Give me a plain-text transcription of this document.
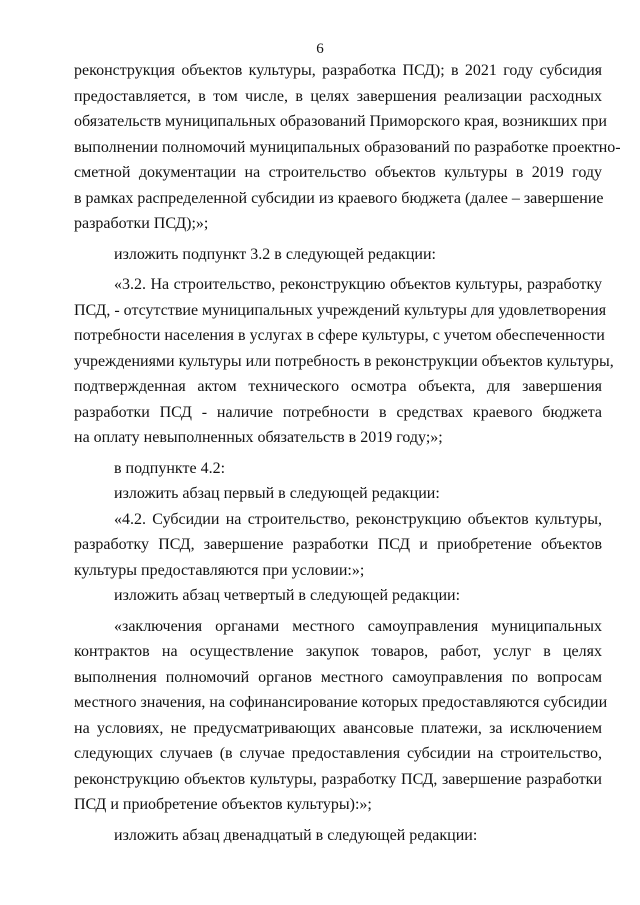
6
реконструкция объектов культуры, разработка ПСД); в 2021 году субсидия
предоставляется, в том числе, в целях завершения реализации расходных
обязательств муниципальных образований Приморского края, возникших при
выполнении полномочий муниципальных образований по разработке проектно-
сметной документации на строительство объектов культуры в 2019 году
в рамках распределенной субсидии из краевого бюджета (далее – завершение
разработки ПСД);»;
изложить подпункт 3.2 в следующей редакции:
«3.2. На строительство, реконструкцию объектов культуры, разработку
ПСД, - отсутствие муниципальных учреждений культуры для удовлетворения
потребности населения в услугах в сфере культуры, с учетом обеспеченности
учреждениями культуры или потребность в реконструкции объектов культуры,
подтвержденная актом технического осмотра объекта, для завершения
разработки ПСД - наличие потребности в средствах краевого бюджета
на оплату невыполненных обязательств в 2019 году;»;
в подпункте 4.2:
изложить абзац первый в следующей редакции:
«4.2. Субсидии на строительство, реконструкцию объектов культуры,
разработку ПСД, завершение разработки ПСД и приобретение объектов
культуры предоставляются при условии:»;
изложить абзац четвертый в следующей редакции:
«заключения органами местного самоуправления муниципальных
контрактов на осуществление закупок товаров, работ, услуг в целях
выполнения полномочий органов местного самоуправления по вопросам
местного значения, на софинансирование которых предоставляются субсидии
на условиях, не предусматривающих авансовые платежи, за исключением
следующих случаев (в случае предоставления субсидии на строительство,
реконструкцию объектов культуры, разработку ПСД, завершение разработки
ПСД и приобретение объектов культуры):»;
изложить абзац двенадцатый в следующей редакции:
